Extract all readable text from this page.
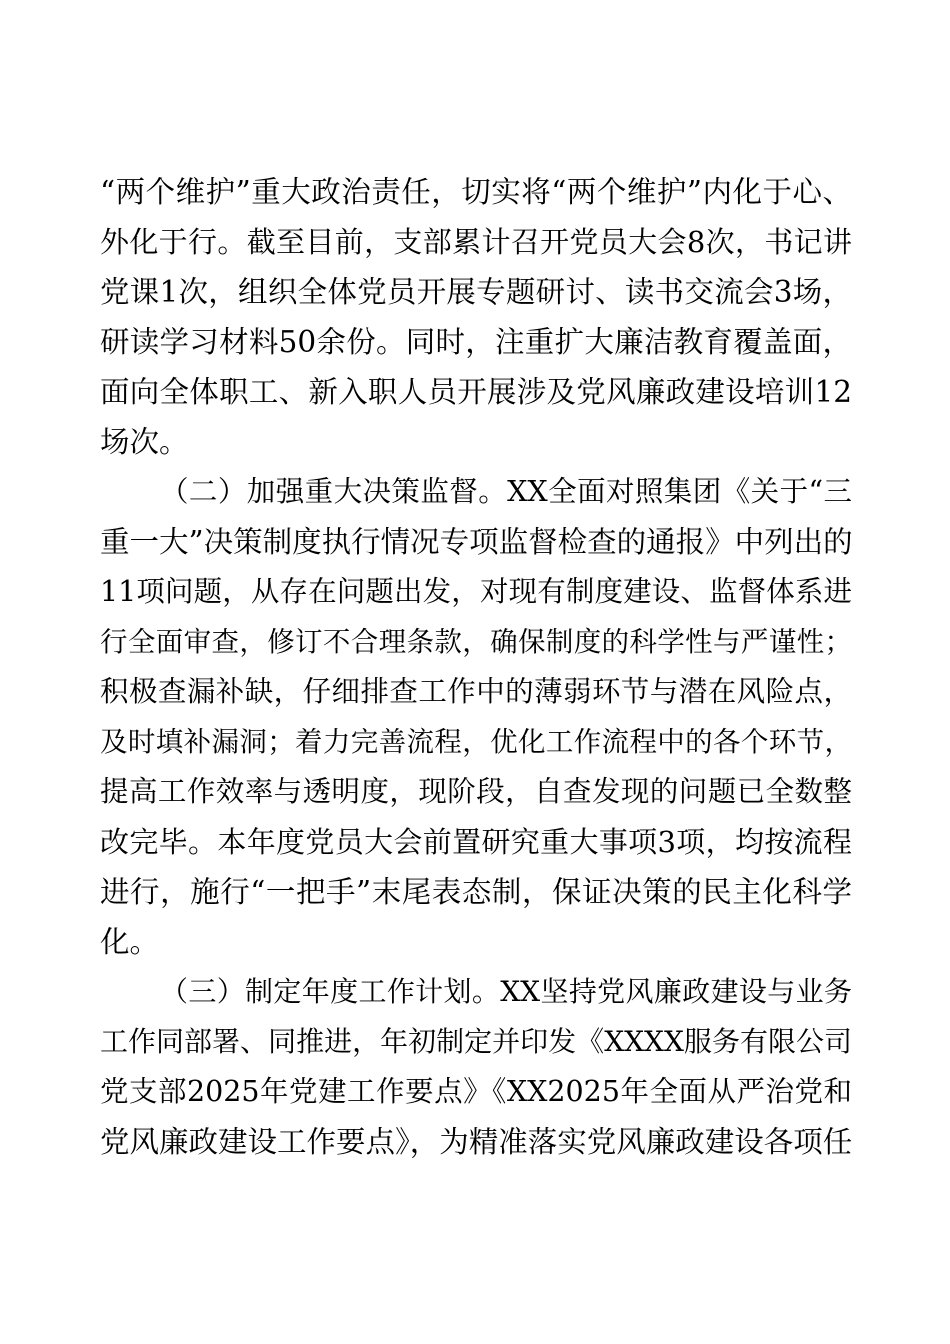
“两个维护”重大政治责任，切实将“两个维护”内化于心、
外化于行。截至目前，支部累计召开党员大会8次，书记讲
党课1次，组织全体党员开展专题研讨、读书交流会3场，
研读学习材料50余份。同时，注重扩大廉洁教育覆盖面，
面向全体职工、新入职人员开展涉及党风廉政建设培训12
场次。
（二）加强重大决策监督。XX全面对照集团《关于“三
重一大”决策制度执行情况专项监督检查的通报》中列出的
11项问题，从存在问题出发，对现有制度建设、监督体系进
行全面审查，修订不合理条款，确保制度的科学性与严谨性；
积极查漏补缺，仔细排查工作中的薄弱环节与潜在风险点，
及时填补漏洞；着力完善流程，优化工作流程中的各个环节，
提高工作效率与透明度，现阶段，自查发现的问题已全数整
改完毕。本年度党员大会前置研究重大事项3项，均按流程
进行，施行“一把手”末尾表态制，保证决策的民主化科学
化。
（三）制定年度工作计划。XX坚持党风廉政建设与业务
工作同部署、同推进，年初制定并印发《XXXX服务有限公司
党支部2025年党建工作要点》《XX2025年全面从严治党和
党风廉政建设工作要点》，为精准落实党风廉政建设各项任
